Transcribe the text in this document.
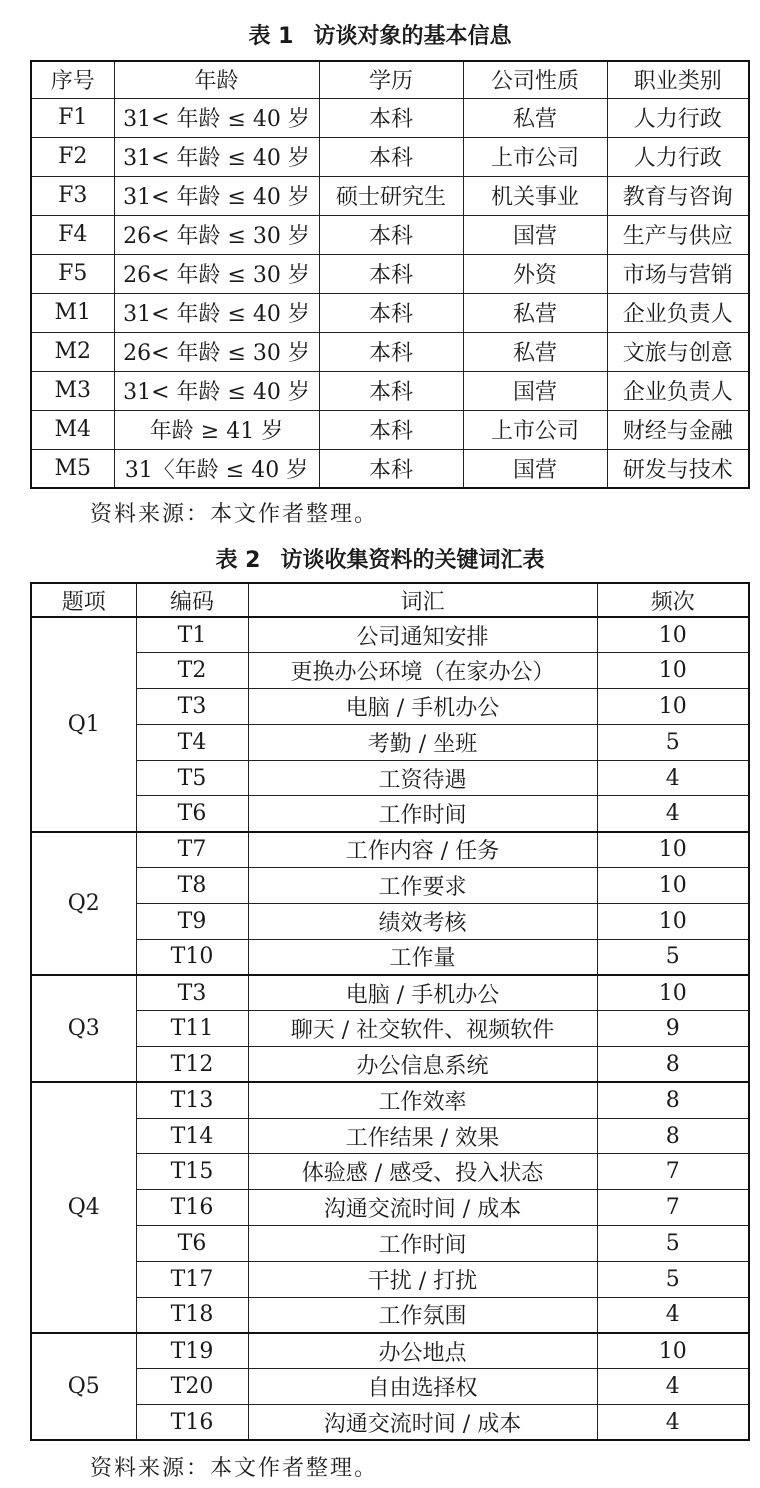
表 1 访谈对象的基本信息
序号	年龄	学历	公司性质	职业类别
F1	31< 年龄 ≤ 40 岁	本科	私营	人力行政
F2	31< 年龄 ≤ 40 岁	本科	上市公司	人力行政
F3	31< 年龄 ≤ 40 岁	硕士研究生	机关事业	教育与咨询
F4	26< 年龄 ≤ 30 岁	本科	国营	生产与供应
F5	26< 年龄 ≤ 30 岁	本科	外资	市场与营销
M1	31< 年龄 ≤ 40 岁	本科	私营	企业负责人
M2	26< 年龄 ≤ 30 岁	本科	私营	文旅与创意
M3	31< 年龄 ≤ 40 岁	本科	国营	企业负责人
M4	年龄 ≥ 41 岁	本科	上市公司	财经与金融
M5	31〈年龄 ≤ 40 岁	本科	国营	研发与技术
资料来源：本文作者整理。
表 2 访谈收集资料的关键词汇表
题项	编码	词汇	频次
Q1	T1	公司通知安排	10
	T2	更换办公环境（在家办公）	10
	T3	电脑 / 手机办公	10
	T4	考勤 / 坐班	5
	T5	工资待遇	4
	T6	工作时间	4
Q2	T7	工作内容 / 任务	10
	T8	工作要求	10
	T9	绩效考核	10
	T10	工作量	5
Q3	T3	电脑 / 手机办公	10
	T11	聊天 / 社交软件、视频软件	9
	T12	办公信息系统	8
Q4	T13	工作效率	8
	T14	工作结果 / 效果	8
	T15	体验感 / 感受、投入状态	7
	T16	沟通交流时间 / 成本	7
	T6	工作时间	5
	T17	干扰 / 打扰	5
	T18	工作氛围	4
Q5	T19	办公地点	10
	T20	自由选择权	4
	T16	沟通交流时间 / 成本	4
资料来源：本文作者整理。
